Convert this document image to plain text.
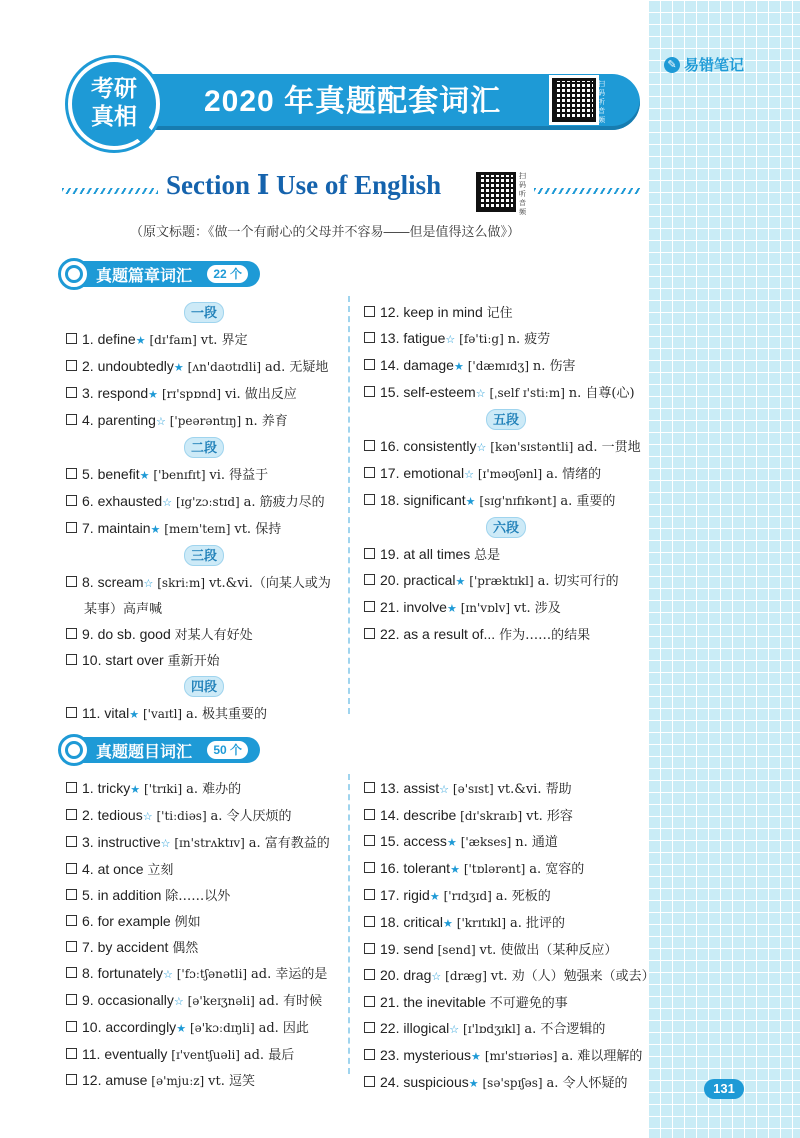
✎ 易错笔记
2020 年真题配套词汇
考研
真相
扫码听音频
Section Ⅰ Use of English	扫码听音频
（原文标题：《做一个有耐心的父母并不容易——但是值得这么做》）
真题篇章词汇	22 个
一段
1. define★ [dɪ'faɪn] vt. 界定
2. undoubtedly★ [ʌn'daʊtɪdli] ad. 无疑地
3. respond★ [rɪ'spɒnd] vi. 做出反应
4. parenting☆ ['peərəntɪŋ] n. 养育
二段
5. benefit★ ['benɪfɪt] vi. 得益于
6. exhausted☆ [ɪg'zɔːstɪd] a. 筋疲力尽的
7. maintain★ [meɪn'teɪn] vt. 保持
三段
8. scream☆ [skriːm] vt.&vi.（向某人或为某事）高声喊
9. do sb. good 对某人有好处
10. start over 重新开始
四段
11. vital★ ['vaɪtl] a. 极其重要的
12. keep in mind 记住
13. fatigue☆ [fə'tiːg] n. 疲劳
14. damage★ ['dæmɪdʒ] n. 伤害
15. self-esteem☆ [ˌself ɪ'stiːm] n. 自尊(心)
五段
16. consistently☆ [kən'sɪstəntli] ad. 一贯地
17. emotional☆ [ɪ'məʊʃənl] a. 情绪的
18. significant★ [sɪg'nɪfɪkənt] a. 重要的
六段
19. at all times 总是
20. practical★ ['præktɪkl] a. 切实可行的
21. involve★ [ɪn'vɒlv] vt. 涉及
22. as a result of... 作为……的结果
真题题目词汇	50 个
1. tricky★ ['trɪki] a. 难办的
2. tedious☆ ['tiːdiəs] a. 令人厌烦的
3. instructive☆ [ɪn'strʌktɪv] a. 富有教益的
4. at once 立刻
5. in addition 除……以外
6. for example 例如
7. by accident 偶然
8. fortunately☆ ['fɔːtʃənətli] ad. 幸运的是
9. occasionally☆ [ə'keɪʒnəli] ad. 有时候
10. accordingly★ [ə'kɔːdɪŋli] ad. 因此
11. eventually [ɪ'ventʃuəli] ad. 最后
12. amuse [ə'mjuːz] vt. 逗笑
13. assist☆ [ə'sɪst] vt.&vi. 帮助
14. describe [dɪ'skraɪb] vt. 形容
15. access★ ['ækses] n. 通道
16. tolerant★ ['tɒlərənt] a. 宽容的
17. rigid★ ['rɪdʒɪd] a. 死板的
18. critical★ ['krɪtɪkl] a. 批评的
19. send [send] vt. 使做出（某种反应）
20. drag☆ [dræg] vt. 劝（人）勉强来（或去）
21. the inevitable 不可避免的事
22. illogical☆ [ɪ'lɒdʒɪkl] a. 不合逻辑的
23. mysterious★ [mɪ'stɪəriəs] a. 难以理解的
24. suspicious★ [sə'spɪʃəs] a. 令人怀疑的	131
